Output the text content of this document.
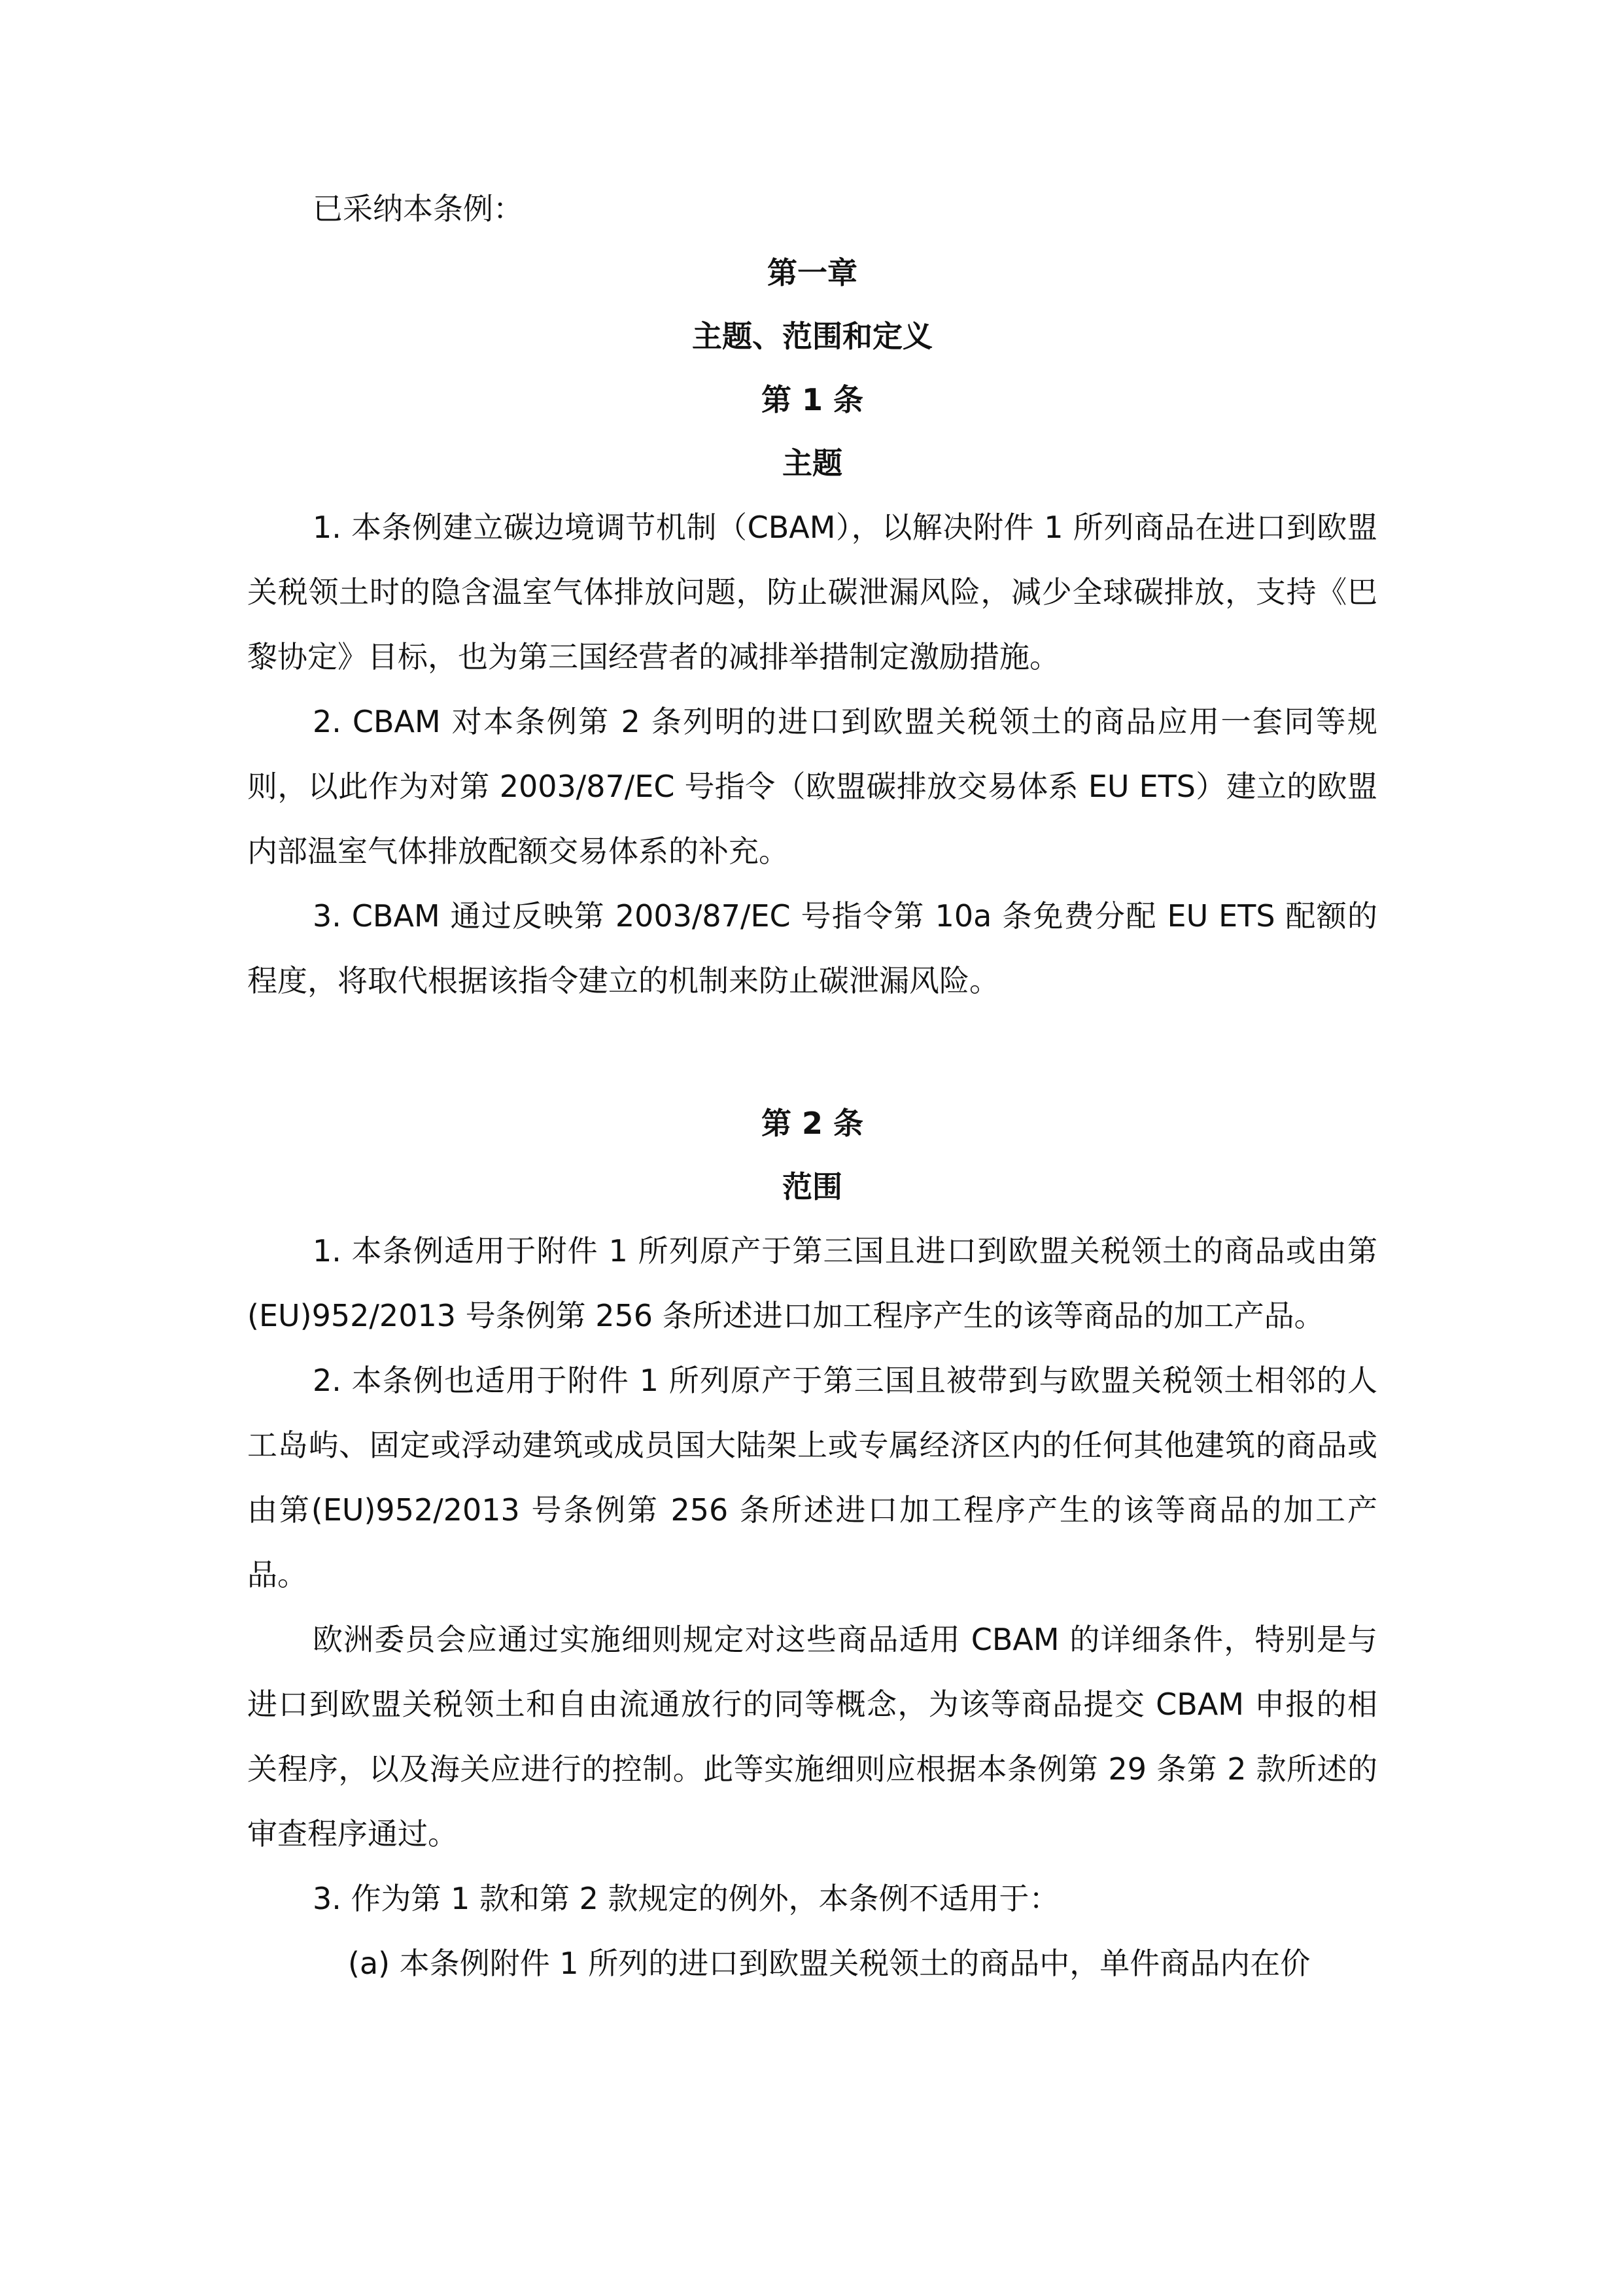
已采纳本条例：

第一章

主题、范围和定义

第 1 条

主题

1. 本条例建立碳边境调节机制（CBAM），以解决附件 1 所列商品在进口到欧盟关税领土时的隐含温室气体排放问题，防止碳泄漏风险，减少全球碳排放，支持《巴黎协定》目标，也为第三国经营者的减排举措制定激励措施。

2. CBAM 对本条例第 2 条列明的进口到欧盟关税领土的商品应用一套同等规则，以此作为对第 2003/87/EC 号指令（欧盟碳排放交易体系 EU ETS）建立的欧盟内部温室气体排放配额交易体系的补充。

3. CBAM 通过反映第 2003/87/EC 号指令第 10a 条免费分配 EU ETS 配额的程度，将取代根据该指令建立的机制来防止碳泄漏风险。

第 2 条

范围

1. 本条例适用于附件 1 所列原产于第三国且进口到欧盟关税领土的商品或由第(EU)952/2013 号条例第 256 条所述进口加工程序产生的该等商品的加工产品。

2. 本条例也适用于附件 1 所列原产于第三国且被带到与欧盟关税领土相邻的人工岛屿、固定或浮动建筑或成员国大陆架上或专属经济区内的任何其他建筑的商品或由第(EU)952/2013 号条例第 256 条所述进口加工程序产生的该等商品的加工产品。

欧洲委员会应通过实施细则规定对这些商品适用 CBAM 的详细条件，特别是与进口到欧盟关税领土和自由流通放行的同等概念，为该等商品提交 CBAM 申报的相关程序，以及海关应进行的控制。此等实施细则应根据本条例第 29 条第 2 款所述的审查程序通过。

3. 作为第 1 款和第 2 款规定的例外，本条例不适用于：

(a) 本条例附件 1 所列的进口到欧盟关税领土的商品中，单件商品内在价
